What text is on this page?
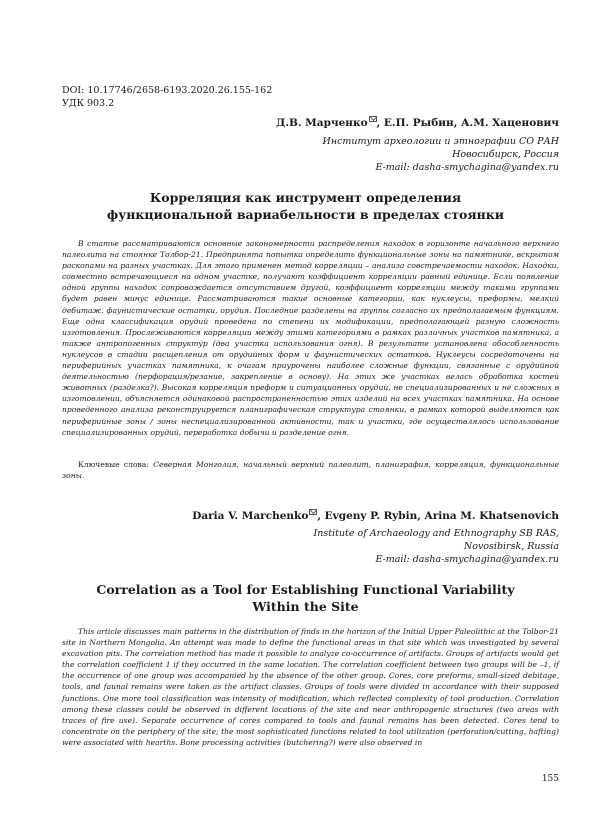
DOI: 10.17746/2658-6193.2020.26.155-162
УДК 903.2
Д.В. Марченко , Е.П. Рыбин, А.М. Хаценович
Институт археологии и этнографии СО РАН
Новосибирск, Россия
E-mail: dasha-smychagina@yandex.ru
Корреляция как инструмент определения
функциональной вариабельности в пределах стоянки

В статье рассматриваются основные закономерности распределения находок в горизонте начального верхнего палеолита на стоянке Толбор-21. Предпринята попытка определить функциональные зоны на памятнике, вскрытом раскопами на разных участках. Для этого применен метод корреляции – анализа совстречаемости находок. Находки, совместно встречающиеся на одном участке, получают коэффициент корреляции равный единице. Если появление одной группы находок сопровождается отсутствием другой, коэффициент корреляции между такими группами будет равен минус единице. Рассматриваются такие основные категории, как нуклеусы, преформы, мелкий дебитаж, фаунистические остатки, орудия. Последние разделены на группы согласно их предполагаемым функциям. Еще одна классификация орудий проведена по степени их модификации, предполагающей разную сложность изготовления. Прослеживаются корреляции между этими категориями в рамках различных участков памятника, а также антропогенных структур (два участка использования огня). В результате установлена обособленность нуклеусов в стадии расщепления от орудийных форм и фаунистических остатков. Нуклеусы сосредоточены на периферийных участках памятника, к очагам приурочены наиболее сложные функции, связанные с орудийной деятельностью (перфорация/резание, закрепление в основу). На этих же участках велась обработка костей животных (разделка?). Высокая корреляция преформ и ситуационных орудий, не специализированных и не сложных в изготовлении, объясняется одинаковой распространенностью этих изделий на всех участках памятника. На основе проведенного анализа реконструируется планиграфическая структура стоянки, в рамках которой выделяются как периферийные зоны / зоны неспециализированной активности, так и участки, где осуществлялось использование специализированных орудий, переработка добычи и разделение огня.

Ключевые слова: Северная Монголия, начальный верхний палеолит, планиграфия, корреляция, функциональные зоны.

Daria V. Marchenko , Evgeny P. Rybin, Arina M. Khatsenovich
Institute of Archaeology and Ethnography SB RAS,
Novosibirsk, Russia
E-mail: dasha-smychagina@yandex.ru
Correlation as a Tool for Establishing Functional Variability
Within the Site

This article discusses main patterns in the distribution of finds in the horizon of the Initial Upper Paleolithic at the Tolbor-21 site in Northern Mongolia. An attempt was made to define the functional areas in that site which was investigated by several excavation pits. The correlation method has made it possible to analyze co-occurrence of artifacts. Groups of artifacts would get the correlation coefficient 1 if they occurred in the same location. The correlation coefficient between two groups will be –1, if the occurrence of one group was accompanied by the absence of the other group. Cores, core preforms, small-sized debitage, tools, and faunal remains were taken as the artifact classes. Groups of tools were divided in accordance with their supposed functions. One more tool classification was intensity of modification, which reflected complexity of tool production. Correlation among these classes could be observed in different locations of the site and near anthropogenic structures (two areas with traces of fire use). Separate occurrence of cores compared to tools and faunal remains has been detected. Cores tend to concentrate on the periphery of the site; the most sophisticated functions related to tool utilization (perforation/cutting, hafting) were associated with hearths. Bone processing activities (butchering?) were also observed in

155
